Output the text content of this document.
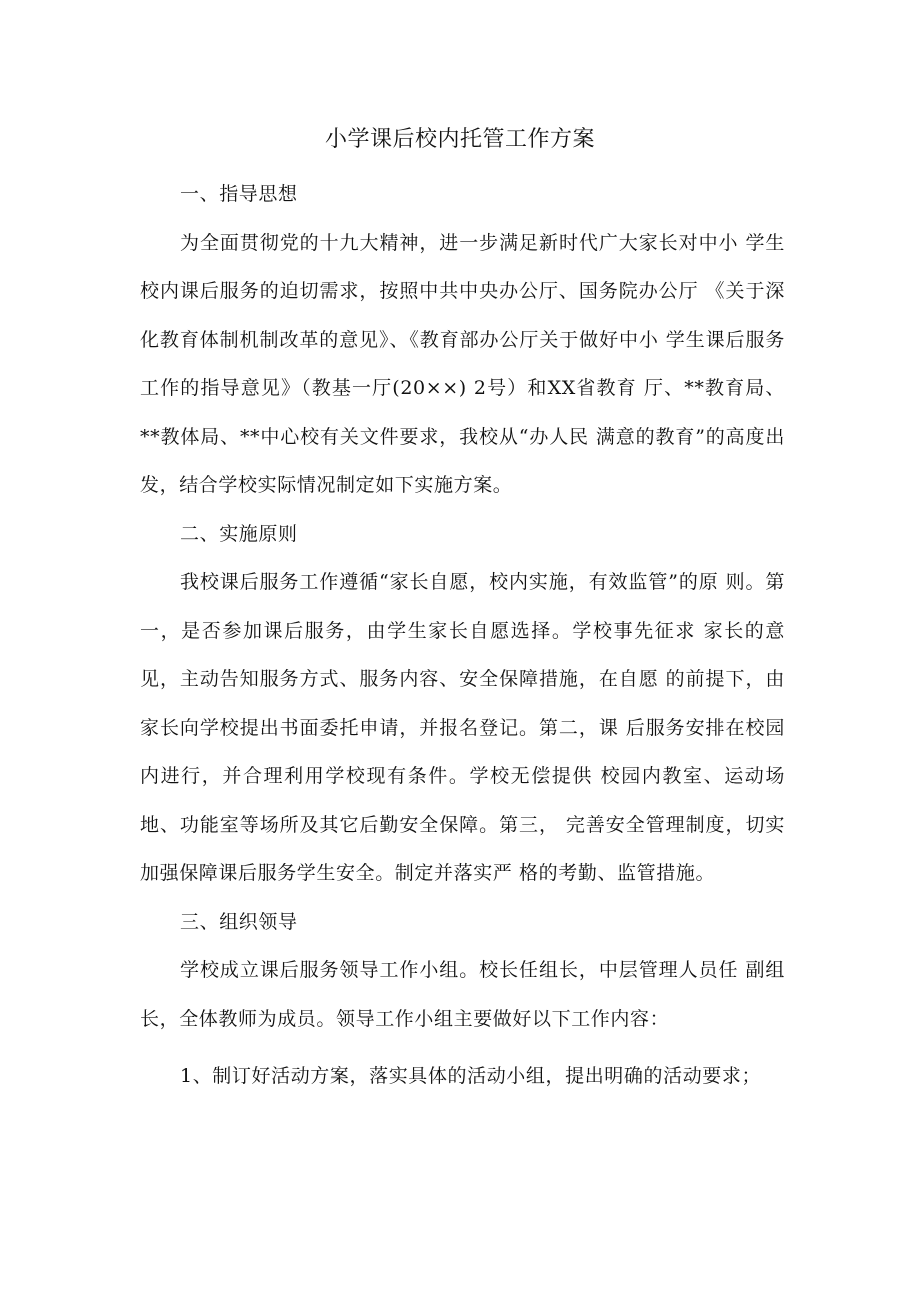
小学课后校内托管工作方案

一、指导思想

为全面贯彻党的十九大精神，进一步满足新时代广大家长对中小 学生校内课后服务的迫切需求，按照中共中央办公厅、国务院办公厅 《关于深化教育体制机制改革的意见》、《教育部办公厅关于做好中小 学生课后服务工作的指导意见》（教基一厅(20××) 2号）和XX省教育 厅、**教育局、**教体局、**中心校有关文件要求，我校从“办人民 满意的教育”的高度出发，结合学校实际情况制定如下实施方案。

二、实施原则

我校课后服务工作遵循“家长自愿，校内实施，有效监管”的原 则。第一，是否参加课后服务，由学生家长自愿选择。学校事先征求 家长的意见，主动告知服务方式、服务内容、安全保障措施，在自愿 的前提下，由家长向学校提出书面委托申请，并报名登记。第二，课 后服务安排在校园内进行，并合理利用学校现有条件。学校无偿提供 校园内教室、运动场地、功能室等场所及其它后勤安全保障。第三， 完善安全管理制度，切实加强保障课后服务学生安全。制定并落实严 格的考勤、监管措施。

三、组织领导

学校成立课后服务领导工作小组。校长任组长，中层管理人员任 副组长，全体教师为成员。领导工作小组主要做好以下工作内容：

1、制订好活动方案，落实具体的活动小组，提出明确的活动要求；
